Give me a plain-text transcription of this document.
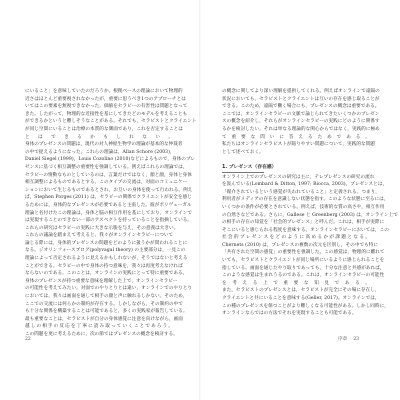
にいること」を意味していたのだろうか。根拠ベースの理論において物理的
近さはほとんど重要視されなかったが，重要に思うべき1つのアプローチとは
いてはこの要素を無視できなかった。価値をセラピーの有害性は問題となって
きた。したがって，物理的な近接性を基にしてきたどのモデルを考えることも
ができるかというと難しそうなことがある。それでも，セラピストとクライエント
が同じ空間にいることは治療の本質的な側面であり，これを否定することは
とはできるかもしれない。
身体のプレゼンスの問題は，現代の対人神経生物学の理論が基本的な仲裁者
の中で捉えるようになった。これらの理論は，Allan Schore (2003)，
Daniel Siegel (1999)，Louis Cozolino (2010)などによるもので，身体のプレ
ゼンスに基づく相互調整の重要性を強調している。例えばこれらの理論では，
セラピーの情動なものとしているのは，言葉だけではなく，顔と顔，身体と身体
相互調整によるものであるとする。このタイプの交流は，対面のコミュニケー
ションにおいて生じるものであるとされ，お互いの身体を使って行われる。例え
ば，Stephen Porges (2011) は，セラピーの関係でクライエントが安全を感じ
るためには，身体的なプレゼンスが必要であると主張した。彼がポリヴェーガル
理論と名付けたこの理論は，身体と脳の相互作用を基にしており，オンラインで
は実現することのできない一部のアスペクトを持っていることを指摘している。
これらの研究はセラピーの実践に大きな示唆を与え，その意義は大きい。
これらの議論を踏まえて考えると，我々がオンラインセラピーについて
論じる際には，身体的プレゼンスの問題をどのように扱うかが問われることに
なる。ジオリンフォースブログ(polyvagal theory) の主要部分は，一見この
理論によって否定されるように見えるかもしれないが，そうではないと考える
ことができる。セラピーの中で身体の持つ意味を，我々は再度考えなければ
ならないのである。このことは，オンラインの実践にとって特に重要である。
身体のプレゼンスが持つ重要な意味を理解した上で，オンラインセラピー
の可能性を考えてみたい。対面でのやりとりとは違い，オンラインでのやりとり
においては，我々は画面を通して相手の顔と声に触れるしかない。そのため，
ここでの交流には何らかの制約が存在する。しかしながら，その制約の中で
も十分な関係を構築することは可能であると，多くの実践家が報告している。
最も重要なことは，セラピストが自分の身体感覚に注意を向けながら，画面
越しの相手の反応を丁寧に読み取っていくことであろう。
この問題を更に考えるために，次の節ではプレゼンスの概念を検討する。
22
の概念に関してより深い理解を提供してくれる。例えばオンラインで遠隔の
状況においても，セラピストとクライエントは互いの存在を感じ取ることが
できる。このため，遠隔で働く場合にも，プレゼンスの概念は重要である。
ここでは，オンラインセラピーの文脈で論じられてきたいくつかのプレゼン
スの概念を紹介し，それらがオンラインセラピーの実践にどのように関係す
るかを検討したい。それは単なる理論的な関心からではなく，実践的に極め
て重要な問いに答えるためである。
私たちはオンラインセラピストが陥りやすい問題について，実践的な問題
として述べておく。
1. プレゼンス（存在感）
オンライン上でのプレゼンスの研究は主に，テレプレゼンスの研究の流れ
を汲んでいる(Lombard & Ditton, 1997; Biocca, 2003)。プレゼンスとは，
「媒介されているという感覚が失われていること」と定義される。つまり，
利用者がメディアの存在を意識しない状態を指す。このような状態に至るには，
いくつかの条件が必要とされている。例えば，技術的な質の高さや，相互作用
の自然さなどである。さらに，Gallese と Greenberg (2003) は，オンライン上で
の相手の存在の知覚を「社会的プレゼンス」と呼んだ。これは，相手が実際に
そこにいると感じられる程度を意味する。オンラインセラピーにおいては，この
社会的プレゼンスをどのように高めるかが課題となる。
Chernets (2010) は，プレゼンスの複数の次元を区別し，その中でも特に
「共有された空間の感覚」の重要性を強調した。この感覚は，物理的に離れて
いても，セラピストとクライエントが同じ場所にいるように感じられることを
指している。画面を通じたやり取りであっても，十分な注意と共感があれば，
このような感覚は生まれうるのである。これは，オンラインセラピーの可能性
を考える上で重要な知見である。
また，セラピストのプレゼンスとは，セラピストが完全にその場に存在し，
クライエントと共にいることを意味する(Geller, 2017)。オンラインでは，
この種のプレゼンスを保つことがより難しくなる可能性がある。しかし同時に，
オンラインならではの方法でそれを実現することも可能である。
序章 23
